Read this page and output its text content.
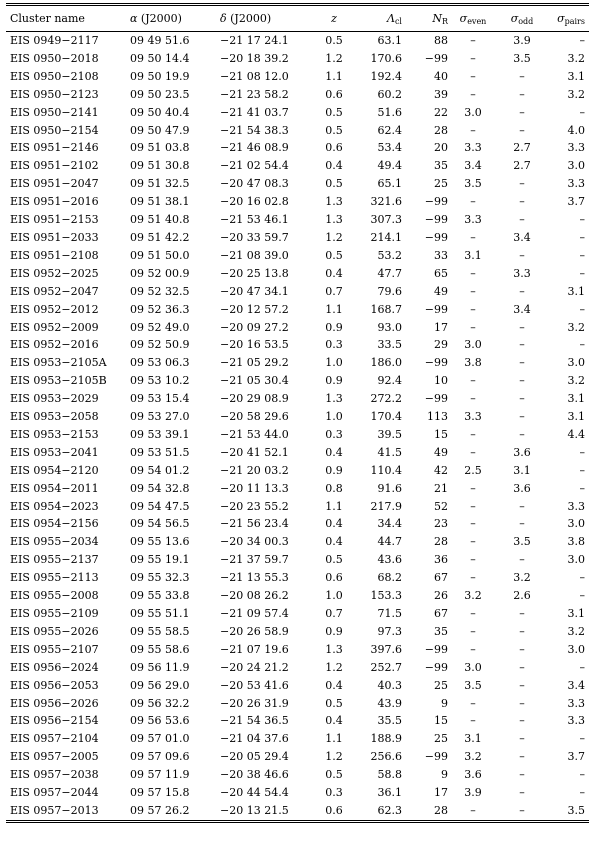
Cluster name	α (J2000)	δ (J2000)	z	$\Lambda_{cl}$	$N_R$	$\sigma_{even}$	$\sigma_{odd}$	$\sigma_{pairs}$
EIS 0949−2117	09 49 51.6	−21 17 24.1	0.5	63.1	88	–	3.9	–
EIS 0950−2018	09 50 14.4	−20 18 39.2	1.2	170.6	−99	–	3.5	3.2
EIS 0950−2108	09 50 19.9	−21 08 12.0	1.1	192.4	40	–	–	3.1
EIS 0950−2123	09 50 23.5	−21 23 58.2	0.6	60.2	39	–	–	3.2
EIS 0950−2141	09 50 40.4	−21 41 03.7	0.5	51.6	22	3.0	–	–
EIS 0950−2154	09 50 47.9	−21 54 38.3	0.5	62.4	28	–	–	4.0
EIS 0951−2146	09 51 03.8	−21 46 08.9	0.6	53.4	20	3.3	2.7	3.3
EIS 0951−2102	09 51 30.8	−21 02 54.4	0.4	49.4	35	3.4	2.7	3.0
EIS 0951−2047	09 51 32.5	−20 47 08.3	0.5	65.1	25	3.5	–	3.3
EIS 0951−2016	09 51 38.1	−20 16 02.8	1.3	321.6	−99	–	–	3.7
EIS 0951−2153	09 51 40.8	−21 53 46.1	1.3	307.3	−99	3.3	–	–
EIS 0951−2033	09 51 42.2	−20 33 59.7	1.2	214.1	−99	–	3.4	–
EIS 0951−2108	09 51 50.0	−21 08 39.0	0.5	53.2	33	3.1	–	–
EIS 0952−2025	09 52 00.9	−20 25 13.8	0.4	47.7	65	–	3.3	–
EIS 0952−2047	09 52 32.5	−20 47 34.1	0.7	79.6	49	–	–	3.1
EIS 0952−2012	09 52 36.3	−20 12 57.2	1.1	168.7	−99	–	3.4	–
EIS 0952−2009	09 52 49.0	−20 09 27.2	0.9	93.0	17	–	–	3.2
EIS 0952−2016	09 52 50.9	−20 16 53.5	0.3	33.5	29	3.0	–	–
EIS 0953−2105A	09 53 06.3	−21 05 29.2	1.0	186.0	−99	3.8	–	3.0
EIS 0953−2105B	09 53 10.2	−21 05 30.4	0.9	92.4	10	–	–	3.2
EIS 0953−2029	09 53 15.4	−20 29 08.9	1.3	272.2	−99	–	–	3.1
EIS 0953−2058	09 53 27.0	−20 58 29.6	1.0	170.4	113	3.3	–	3.1
EIS 0953−2153	09 53 39.1	−21 53 44.0	0.3	39.5	15	–	–	4.4
EIS 0953−2041	09 53 51.5	−20 41 52.1	0.4	41.5	49	–	3.6	–
EIS 0954−2120	09 54 01.2	−21 20 03.2	0.9	110.4	42	2.5	3.1	–
EIS 0954−2011	09 54 32.8	−20 11 13.3	0.8	91.6	21	–	3.6	–
EIS 0954−2023	09 54 47.5	−20 23 55.2	1.1	217.9	52	–	–	3.3
EIS 0954−2156	09 54 56.5	−21 56 23.4	0.4	34.4	23	–	–	3.0
EIS 0955−2034	09 55 13.6	−20 34 00.3	0.4	44.7	28	–	3.5	3.8
EIS 0955−2137	09 55 19.1	−21 37 59.7	0.5	43.6	36	–	–	3.0
EIS 0955−2113	09 55 32.3	−21 13 55.3	0.6	68.2	67	–	3.2	–
EIS 0955−2008	09 55 33.8	−20 08 26.2	1.0	153.3	26	3.2	2.6	–
EIS 0955−2109	09 55 51.1	−21 09 57.4	0.7	71.5	67	–	–	3.1
EIS 0955−2026	09 55 58.5	−20 26 58.9	0.9	97.3	35	–	–	3.2
EIS 0955−2107	09 55 58.6	−21 07 19.6	1.3	397.6	−99	–	–	3.0
EIS 0956−2024	09 56 11.9	−20 24 21.2	1.2	252.7	−99	3.0	–	–
EIS 0956−2053	09 56 29.0	−20 53 41.6	0.4	40.3	25	3.5	–	3.4
EIS 0956−2026	09 56 32.2	−20 26 31.9	0.5	43.9	9	–	–	3.3
EIS 0956−2154	09 56 53.6	−21 54 36.5	0.4	35.5	15	–	–	3.3
EIS 0957−2104	09 57 01.0	−21 04 37.6	1.1	188.9	25	3.1	–	–
EIS 0957−2005	09 57 09.6	−20 05 29.4	1.2	256.6	−99	3.2	–	3.7
EIS 0957−2038	09 57 11.9	−20 38 46.6	0.5	58.8	9	3.6	–	–
EIS 0957−2044	09 57 15.8	−20 44 54.4	0.3	36.1	17	3.9	–	–
EIS 0957−2013	09 57 26.2	−20 13 21.5	0.6	62.3	28	–	–	3.5
